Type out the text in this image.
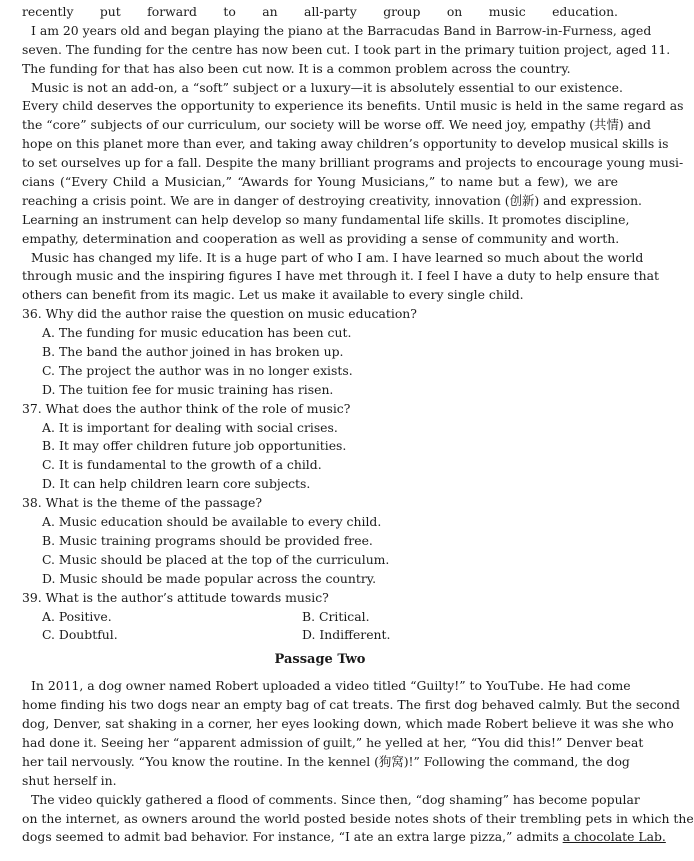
recently put forward to an all-party group on music education.
I am 20 years old and began playing the piano at the Barracudas Band in Barrow-in-Furness, aged
seven. The funding for the centre has now been cut. I took part in the primary tuition project, aged 11.
The funding for that has also been cut now. It is a common problem across the country.
Music is not an add-on, a “soft” subject or a luxury—it is absolutely essential to our existence.
Every child deserves the opportunity to experience its benefits. Until music is held in the same regard as
the “core” subjects of our curriculum, our society will be worse off. We need joy, empathy (共情) and
hope on this planet more than ever, and taking away children’s opportunity to develop musical skills is
to set ourselves up for a fall. Despite the many brilliant programs and projects to encourage young musi-
cians (“Every Child a Musician,” “Awards for Young Musicians,” to name but a few), we are
reaching a crisis point. We are in danger of destroying creativity, innovation (创新) and expression.
Learning an instrument can help develop so many fundamental life skills. It promotes discipline,
empathy, determination and cooperation as well as providing a sense of community and worth.
Music has changed my life. It is a huge part of who I am. I have learned so much about the world
through music and the inspiring figures I have met through it. I feel I have a duty to help ensure that
others can benefit from its magic. Let us make it available to every single child.
36. Why did the author raise the question on music education?
A. The funding for music education has been cut.
B. The band the author joined in has broken up.
C. The project the author was in no longer exists.
D. The tuition fee for music training has risen.
37. What does the author think of the role of music?
A. It is important for dealing with social crises.
B. It may offer children future job opportunities.
C. It is fundamental to the growth of a child.
D. It can help children learn core subjects.
38. What is the theme of the passage?
A. Music education should be available to every child.
B. Music training programs should be provided free.
C. Music should be placed at the top of the curriculum.
D. Music should be made popular across the country.
39. What is the author’s attitude towards music?
A. Positive.	B. Critical.
C. Doubtful.	D. Indifferent.
Passage Two
In 2011, a dog owner named Robert uploaded a video titled “Guilty!” to YouTube. He had come
home finding his two dogs near an empty bag of cat treats. The first dog behaved calmly. But the second
dog, Denver, sat shaking in a corner, her eyes looking down, which made Robert believe it was she who
had done it. Seeing her “apparent admission of guilt,” he yelled at her, “You did this!” Denver beat
her tail nervously. “You know the routine. In the kennel (狗窝)!” Following the command, the dog
shut herself in.
The video quickly gathered a flood of comments. Since then, “dog shaming” has become popular
on the internet, as owners around the world posted beside notes shots of their trembling pets in which the
dogs seemed to admit bad behavior. For instance, “I ate an extra large pizza,” admits a chocolate Lab.
